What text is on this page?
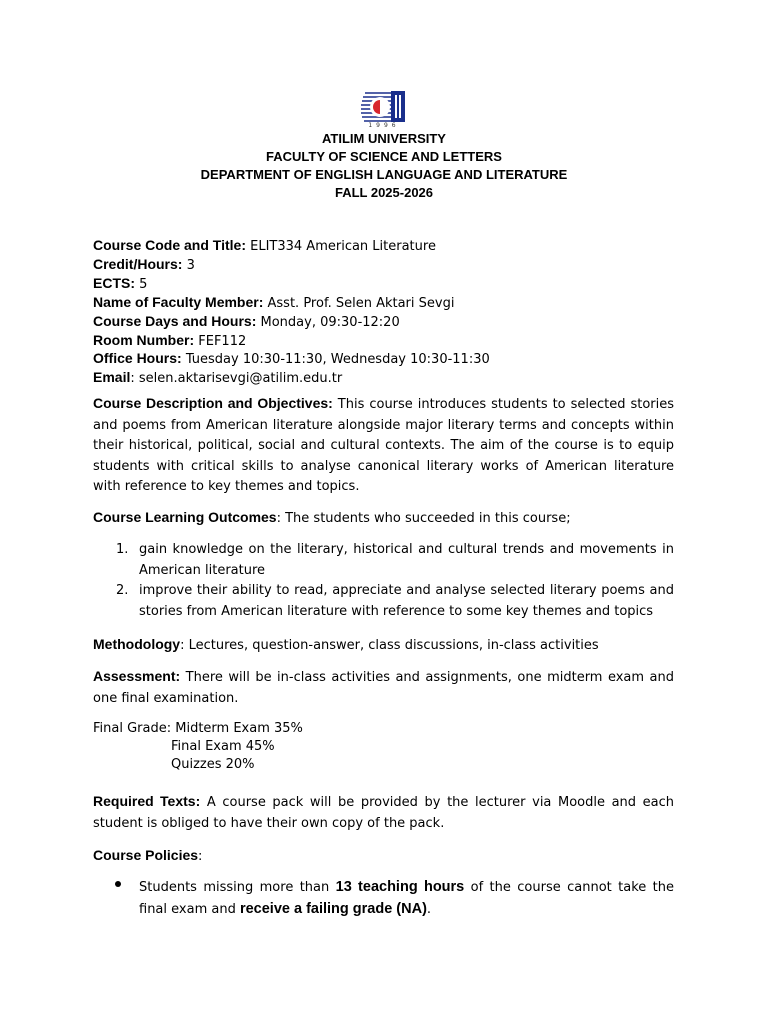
1996
ATILIM UNIVERSITY
FACULTY OF SCIENCE AND LETTERS
DEPARTMENT OF ENGLISH LANGUAGE AND LITERATURE
FALL 2025-2026
Course Code and Title: ELIT334 American Literature
Credit/Hours: 3
ECTS: 5
Name of Faculty Member: Asst. Prof. Selen Aktari Sevgi
Course Days and Hours: Monday, 09:30-12:20
Room Number: FEF112
Office Hours: Tuesday 10:30-11:30, Wednesday 10:30-11:30
Email: selen.aktarisevgi@atilim.edu.tr
Course Description and Objectives: This course introduces students to selected stories and poems from American literature alongside major literary terms and concepts within their historical, political, social and cultural contexts. The aim of the course is to equip students with critical skills to analyse canonical literary works of American literature with reference to key themes and topics.
Course Learning Outcomes: The students who succeeded in this course;
1. gain knowledge on the literary, historical and cultural trends and movements in American literature
2. improve their ability to read, appreciate and analyse selected literary poems and stories from American literature with reference to some key themes and topics
Methodology: Lectures, question-answer, class discussions, in-class activities
Assessment: There will be in-class activities and assignments, one midterm exam and one final examination.
Final Grade: Midterm Exam 35%
Final Exam 45%
Quizzes 20%
Required Texts: A course pack will be provided by the lecturer via Moodle and each student is obliged to have their own copy of the pack.
Course Policies:
Students missing more than 13 teaching hours of the course cannot take the final exam and receive a failing grade (NA).
